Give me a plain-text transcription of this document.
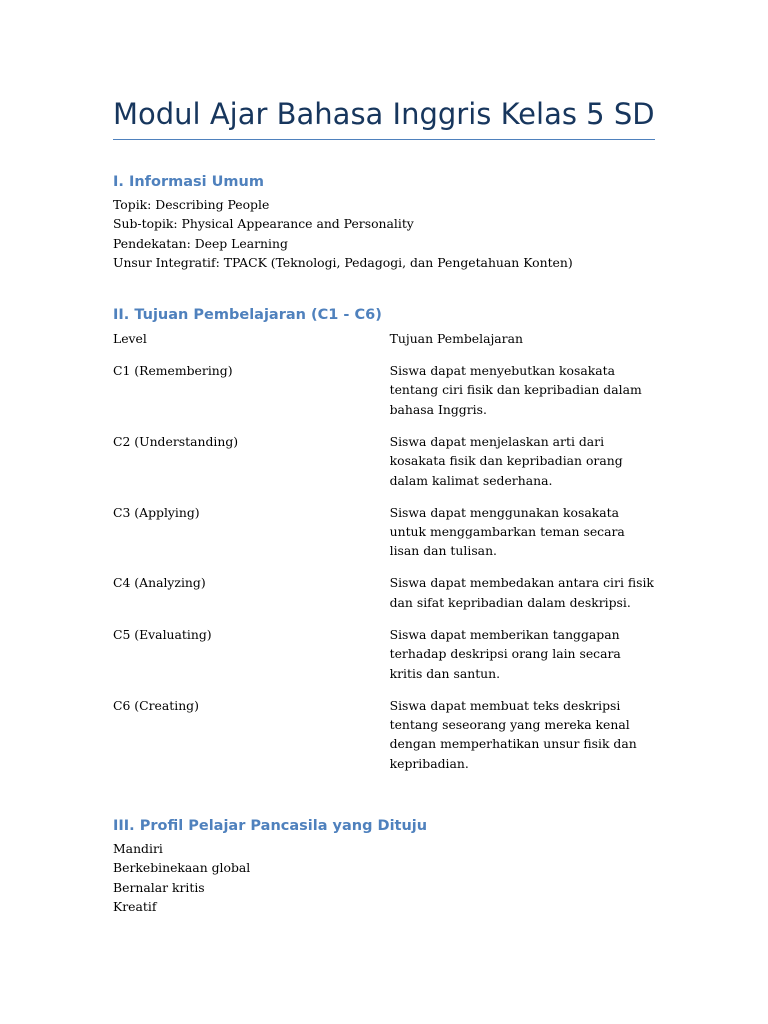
Modul Ajar Bahasa Inggris Kelas 5 SD
I. Informasi Umum
Topik: Describing People
Sub-topik: Physical Appearance and Personality
Pendekatan: Deep Learning
Unsur Integratif: TPACK (Teknologi, Pedagogi, dan Pengetahuan Konten)
II. Tujuan Pembelajaran (C1 - C6)
Level	Tujuan Pembelajaran
C1 (Remembering)	Siswa dapat menyebutkan kosakata tentang ciri fisik dan kepribadian dalam bahasa Inggris.
C2 (Understanding)	Siswa dapat menjelaskan arti dari kosakata fisik dan kepribadian orang dalam kalimat sederhana.
C3 (Applying)	Siswa dapat menggunakan kosakata untuk menggambarkan teman secara lisan dan tulisan.
C4 (Analyzing)	Siswa dapat membedakan antara ciri fisik dan sifat kepribadian dalam deskripsi.
C5 (Evaluating)	Siswa dapat memberikan tanggapan terhadap deskripsi orang lain secara kritis dan santun.
C6 (Creating)	Siswa dapat membuat teks deskripsi tentang seseorang yang mereka kenal dengan memperhatikan unsur fisik dan kepribadian.
III. Profil Pelajar Pancasila yang Dituju
Mandiri
Berkebinekaan global
Bernalar kritis
Kreatif
